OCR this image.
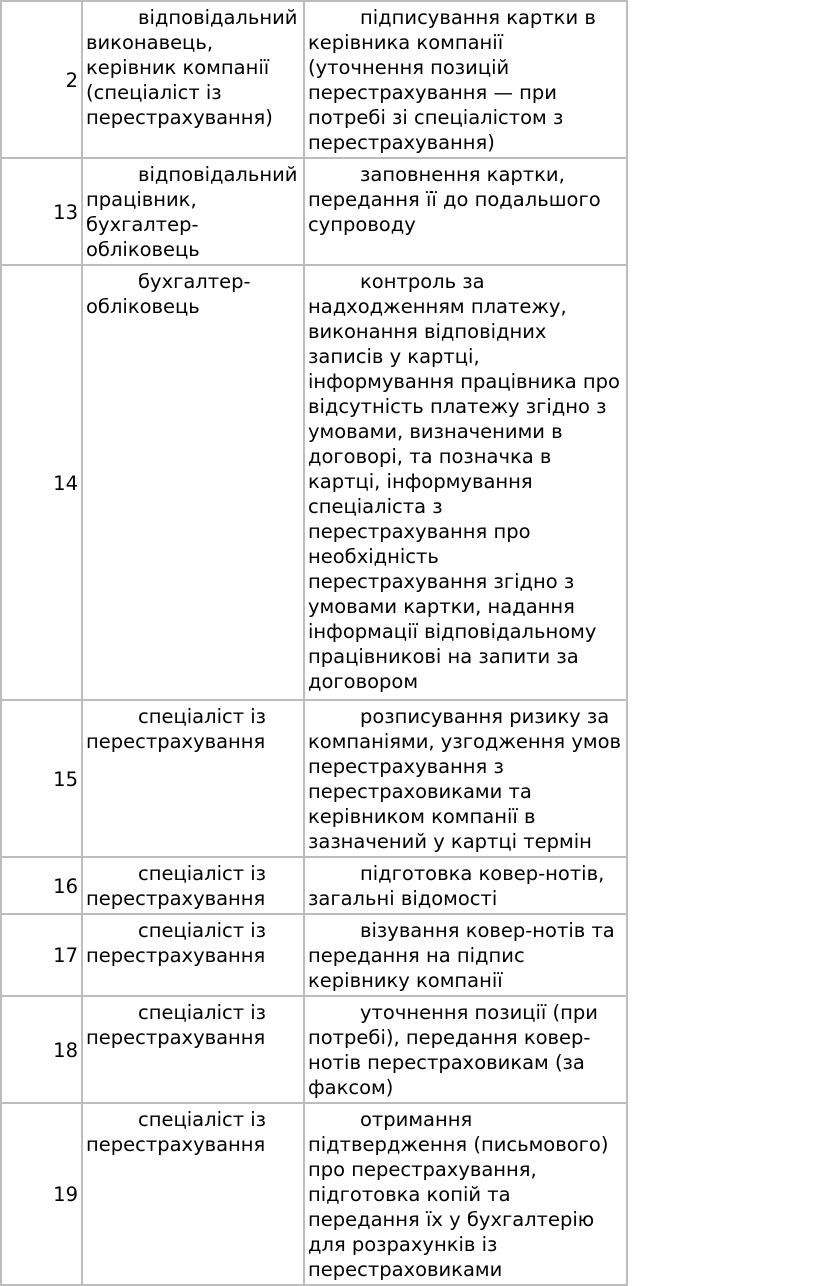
2	відповідальний виконавець, керівник компанії (спеціаліст із перестрахування)	підписування картки в керівника компанії (уточнення позицій перестрахування — при потребі зі спеціалістом з перестрахування)
13	відповідальний працівник, бухгалтер-обліковець	заповнення картки, передання її до подальшого супроводу
14	бухгалтер-обліковець	контроль за надходженням платежу, виконання відповідних записів у картці, інформування працівника про відсутність платежу згідно з умовами, визначеними в договорі, та позначка в картці, інформування спеціаліста з перестрахування про необхідність перестрахування згідно з умовами картки, надання інформації відповідальному працівникові на запити за договором
15	спеціаліст із перестрахування	розписування ризику за компаніями, узгодження умов перестрахування з перестраховиками та керівником компанії в зазначений у картці термін
16	спеціаліст із перестрахування	підготовка ковер-нотів, загальні відомості
17	спеціаліст із перестрахування	візування ковер-нотів та передання на підпис керівнику компанії
18	спеціаліст із перестрахування	уточнення позиції (при потребі), передання ковер-нотів перестраховикам (за факсом)
19	спеціаліст із перестрахування	отримання підтвердження (письмового) про перестрахування, підготовка копій та передання їх у бухгалтерію для розрахунків із перестраховиками
